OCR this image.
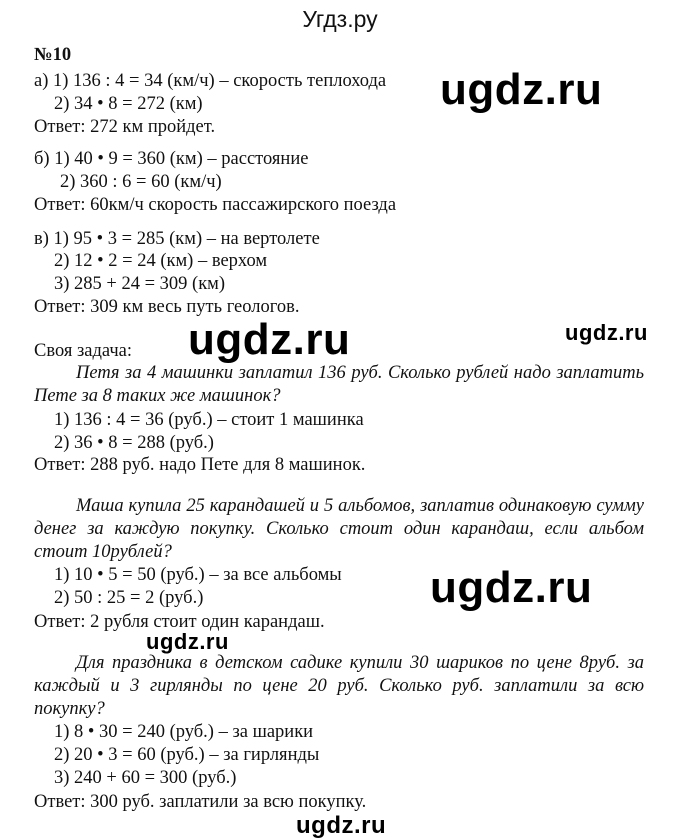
Угдз.ру
№10
а) 1) 136 : 4 = 34 (км/ч) – скорость теплохода
2) 34 • 8 = 272 (км)
Ответ: 272 км пройдет.
б) 1) 40 • 9 = 360 (км) – расстояние
2) 360 : 6 = 60 (км/ч)
Ответ: 60км/ч скорость пассажирского поезда
в) 1) 95 • 3 = 285 (км) – на вертолете
2) 12 • 2 = 24 (км) – верхом
3) 285 + 24 = 309 (км)
Ответ: 309 км весь путь геологов.
Своя задача:
Петя за 4 машинки заплатил 136 руб. Сколько рублей надо заплатить Пете за 8 таких же машинок?
1) 136 : 4 = 36 (руб.) – стоит 1 машинка
2) 36 • 8 = 288 (руб.)
Ответ: 288 руб. надо Пете для 8 машинок.
Маша купила 25 карандашей и 5 альбомов, заплатив одинаковую сумму денег за каждую покупку. Сколько стоит один карандаш, если альбом стоит 10рублей?
1) 10 • 5 = 50 (руб.) – за все альбомы
2) 50 : 25 = 2 (руб.)
Ответ: 2 рубля стоит один карандаш.
Для праздника в детском садике купили 30 шариков по цене 8руб. за каждый и 3 гирлянды по цене 20 руб. Сколько руб. заплатили за всю покупку?
1) 8 • 30 = 240 (руб.) – за шарики
2) 20 • 3 = 60 (руб.) – за гирлянды
3) 240 + 60 = 300 (руб.)
Ответ: 300 руб. заплатили за всю покупку.
ugdz.ru
ugdz.ru	ugdz.ru
ugdz.ru
ugdz.ru
ugdz.ru
